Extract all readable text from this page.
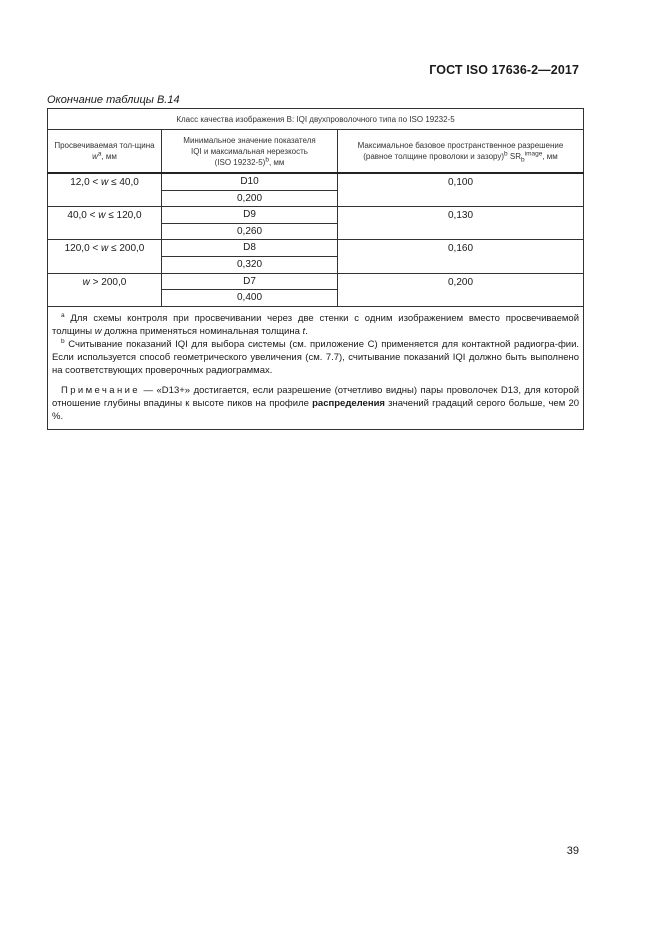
ГОСТ ISO 17636-2—2017
Окончание таблицы B.14
Класс качества изображения В: IQI двухпроволочного типа по ISO 19232-5		
Просвечиваемая тол-щина $w^a$, мм	Минимальное значение показателя
IQI и максимальная нерезкость
(ISO 19232-5)$^b$, мм	Максимальное базовое пространственное разрешение
(равное толщине проволоки и зазору)$^b$ $SR_b^{image}$, мм
12,0 < w ≤ 40,0	D10	0,100
	0,200	
40,0 < w ≤ 120,0	D9	0,130
	0,260	
120,0 < w ≤ 200,0	D8	0,160
	0,320	
w > 200,0	D7	0,200
	0,400	

$^a$ Для схемы контроля при просвечивании через две стенки с одним изображением вместо просвечиваемой толщины w должна применяться номинальная толщина t.

$^b$ Считывание показаний IQI для выбора системы (см. приложение С) применяется для контактной радиогра-фии. Если используется способ геометрического увеличения (см. 7.7), считывание показаний IQI должно быть выполнено на соответствующих проверочных радиограммах.

Примечание — «D13+» достигается, если разрешение (отчетливо видны) пары проволочек D13, для которой отношение глубины впадины к высоте пиков на профиле распределения значений градаций серого больше, чем 20 %.		

39
